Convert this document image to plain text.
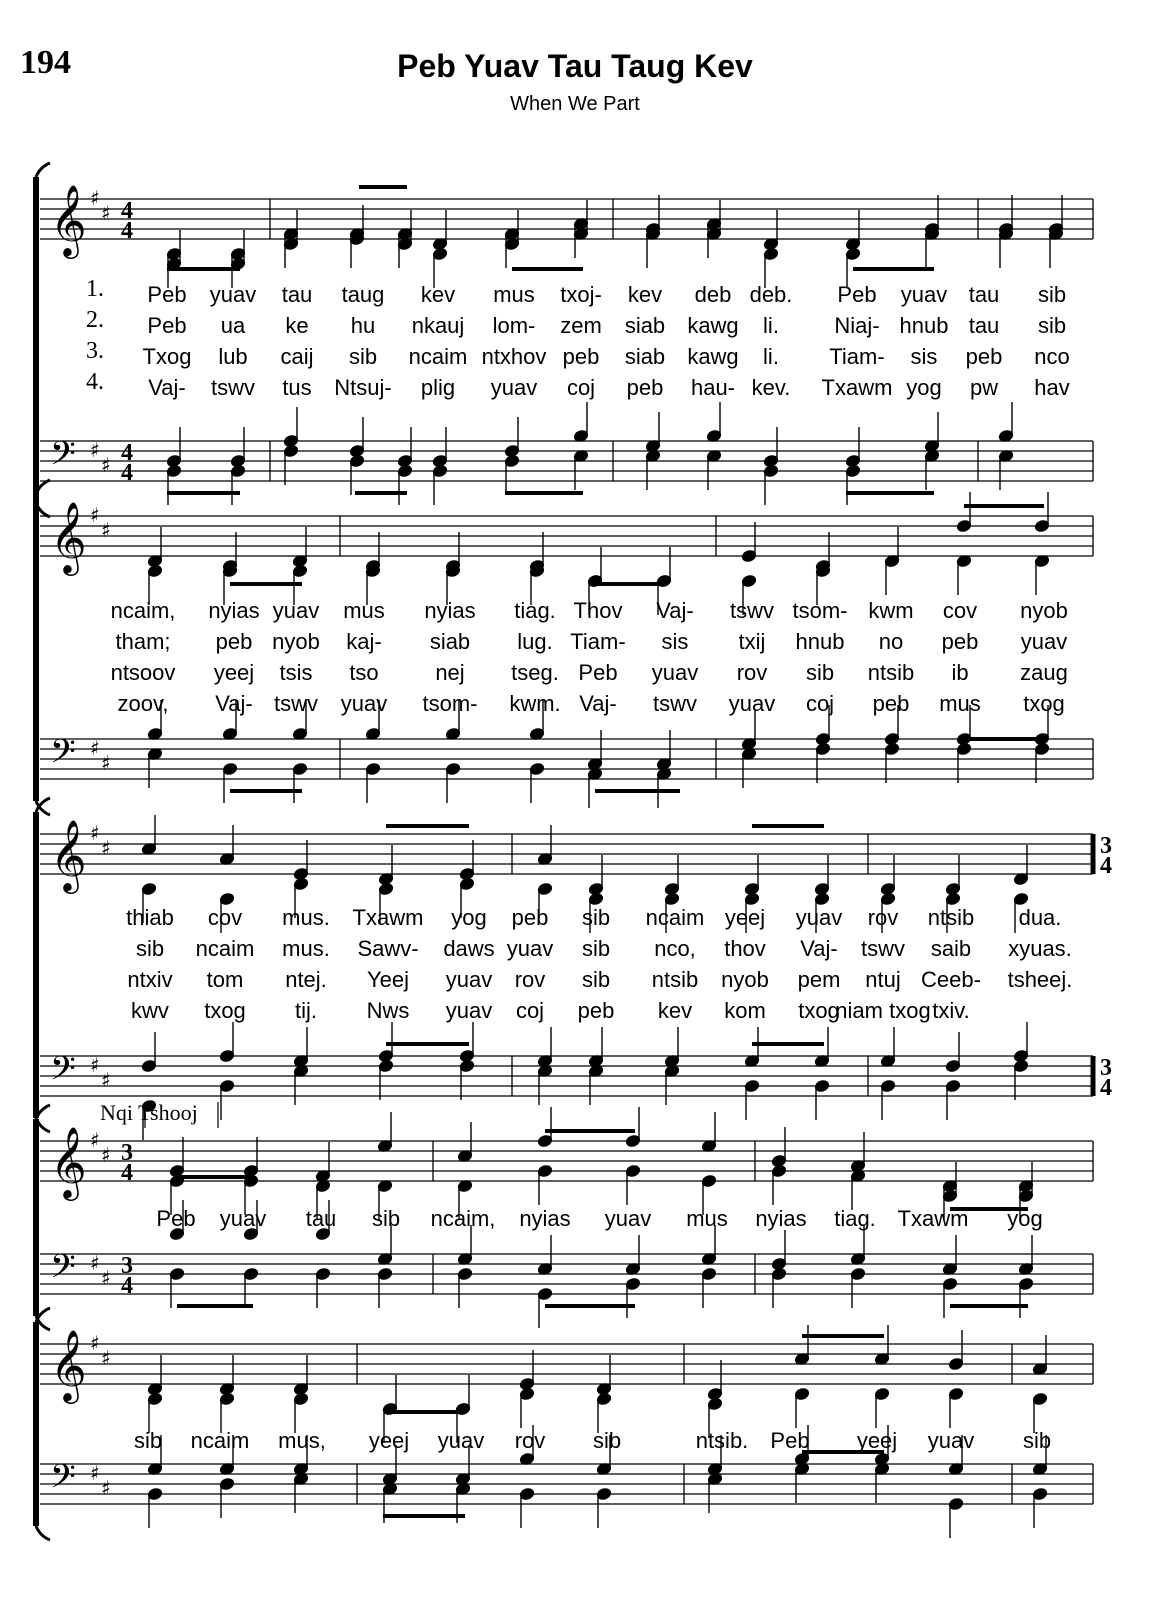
194	Peb Yuav Tau Taug Kev
When We Part
𝄞
𝄢
♯
♯
♯
♯
4
4
4
4
1.
2.
3.
4.
Peb yuav tau taug kev mus txoj- kev deb deb. Peb yuav tau sib
Peb ua ke hu nkauj lom- zem siab kawg li.	Niaj- hnub tau sib
Txog lub caij sib ncaim ntxhov peb siab kawg li. Tiam- sis peb nco
Vaj- tswv tus Ntsuj- plig yuav coj peb hau- kev. Txawm yog pw hav
𝄞
𝄢
♯
♯
♯
♯
ncaim, nyias yuav mus nyias tiag. Thov Vaj- tswv tsom- kwm cov nyob
tham; peb nyob kaj- siab lug. Tiam- sis txij hnub no peb yuav
ntsoov yeej tsis tso	nej tseg. Peb yuav rov sib ntsib ib zaug
zoov, Vaj- tswv yuav tsom- kwm. Vaj- tswv yuav coj peb mus txog
𝄞
𝄢
♯
♯
♯
♯
3
4
3
4
thiab cov mus. Txawm yog peb sib ncaim yeej yuav rov ntsib dua.
sib ncaim mus. Sawv- daws yuav sib nco, thov Vaj- tswv saib xyuas.
ntxiv tom ntej. Yeej yuav rov sib ntsib nyob pem ntuj Ceeb- tsheej.
kwv txog tij. Nws yuav coj peb kev kom txog
niam txog txiv.
𝄞
𝄢
♯
♯
♯
♯
3
4
3
4
Nqi Tshooj
Peb yuav tau sib ncaim, nyias yuav mus nyias tiag. Txawm yog
𝄞
𝄢
♯
♯
♯
♯
sib ncaim mus, yeej yuav rov sib	ntsib. Peb yeej yuav sib
